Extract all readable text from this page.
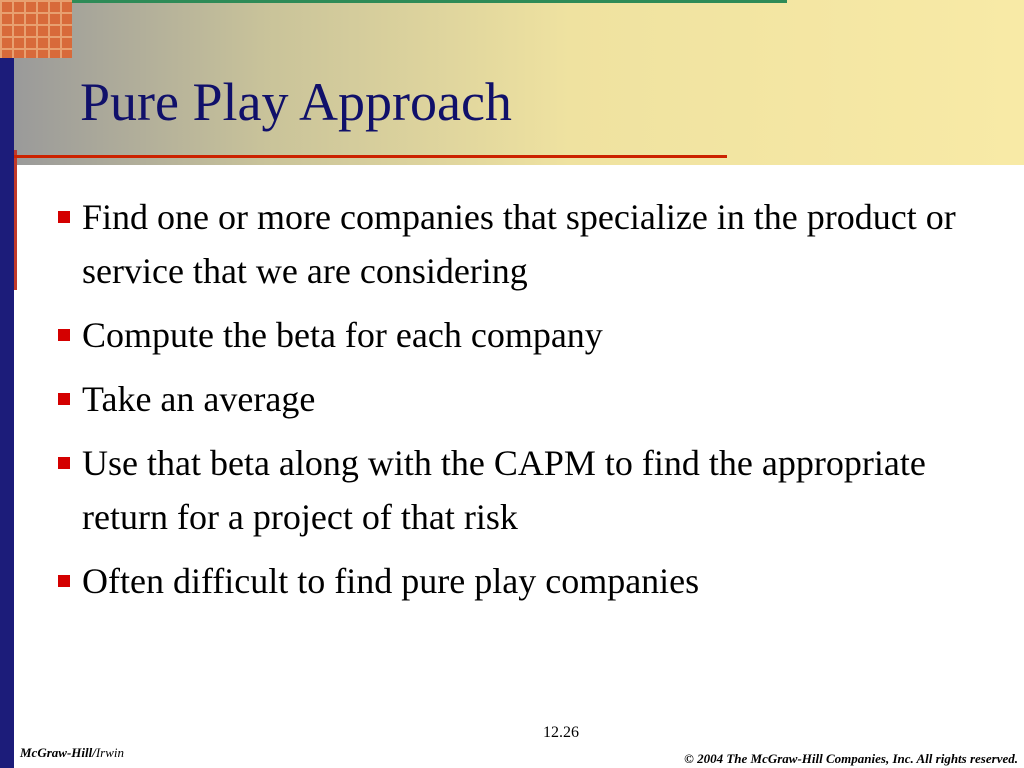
Pure Play Approach
Find one or more companies that specialize in the product or service that we are considering
Compute the beta for each company
Take an average
Use that beta along with the CAPM to find the appropriate return for a project of that risk
Often difficult to find pure play companies
12.26
McGraw-Hill/Irwin	© 2004 The McGraw-Hill Companies, Inc. All rights reserved.
